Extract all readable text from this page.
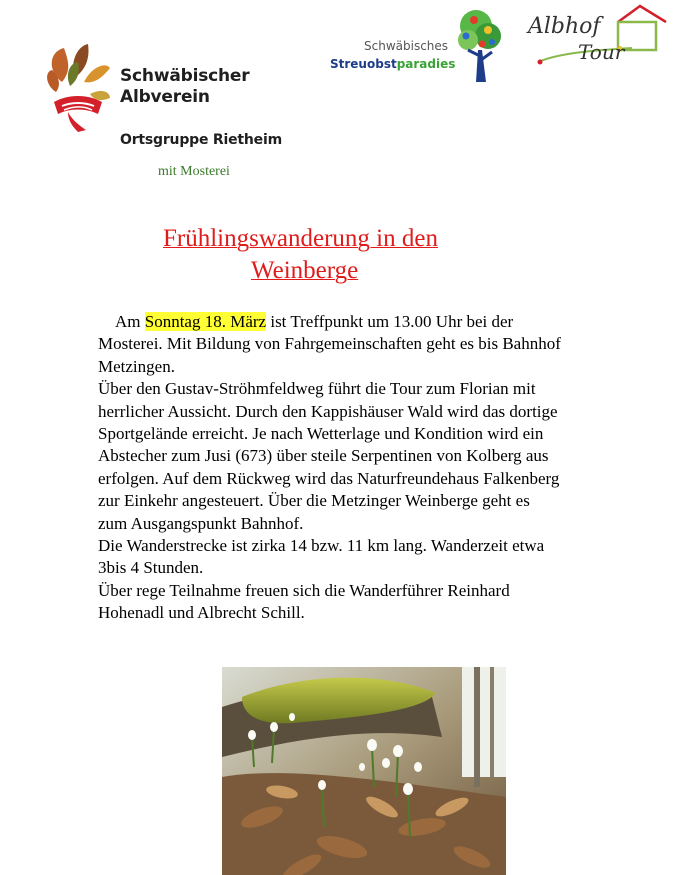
Schwäbischer
Albverein
Ortsgruppe Rietheim
mit Mosterei
Schwäbisches
Streuobstparadies
Albhof
Tour
Frühlingswanderung in den
Weinberge

Am Sonntag 18. März ist Treffpunkt um 13.00 Uhr bei der

Mosterei. Mit Bildung von Fahrgemeinschaften geht es bis Bahnhof

Metzingen.

Über den Gustav-Ströhmfeldweg führt die Tour zum Florian mit

herrlicher Aussicht. Durch den Kappishäuser Wald wird das dortige

Sportgelände erreicht. Je nach Wetterlage und Kondition wird ein

Abstecher zum Jusi (673) über steile Serpentinen von Kolberg aus

erfolgen. Auf dem Rückweg wird das Naturfreundehaus Falkenberg

zur Einkehr angesteuert. Über die Metzinger Weinberge geht es

zum Ausgangspunkt Bahnhof.

Die Wanderstrecke ist zirka 14 bzw. 11 km lang. Wanderzeit etwa

3bis 4 Stunden.

Über rege Teilnahme freuen sich die Wanderführer Reinhard

Hohenadl und Albrecht Schill.
